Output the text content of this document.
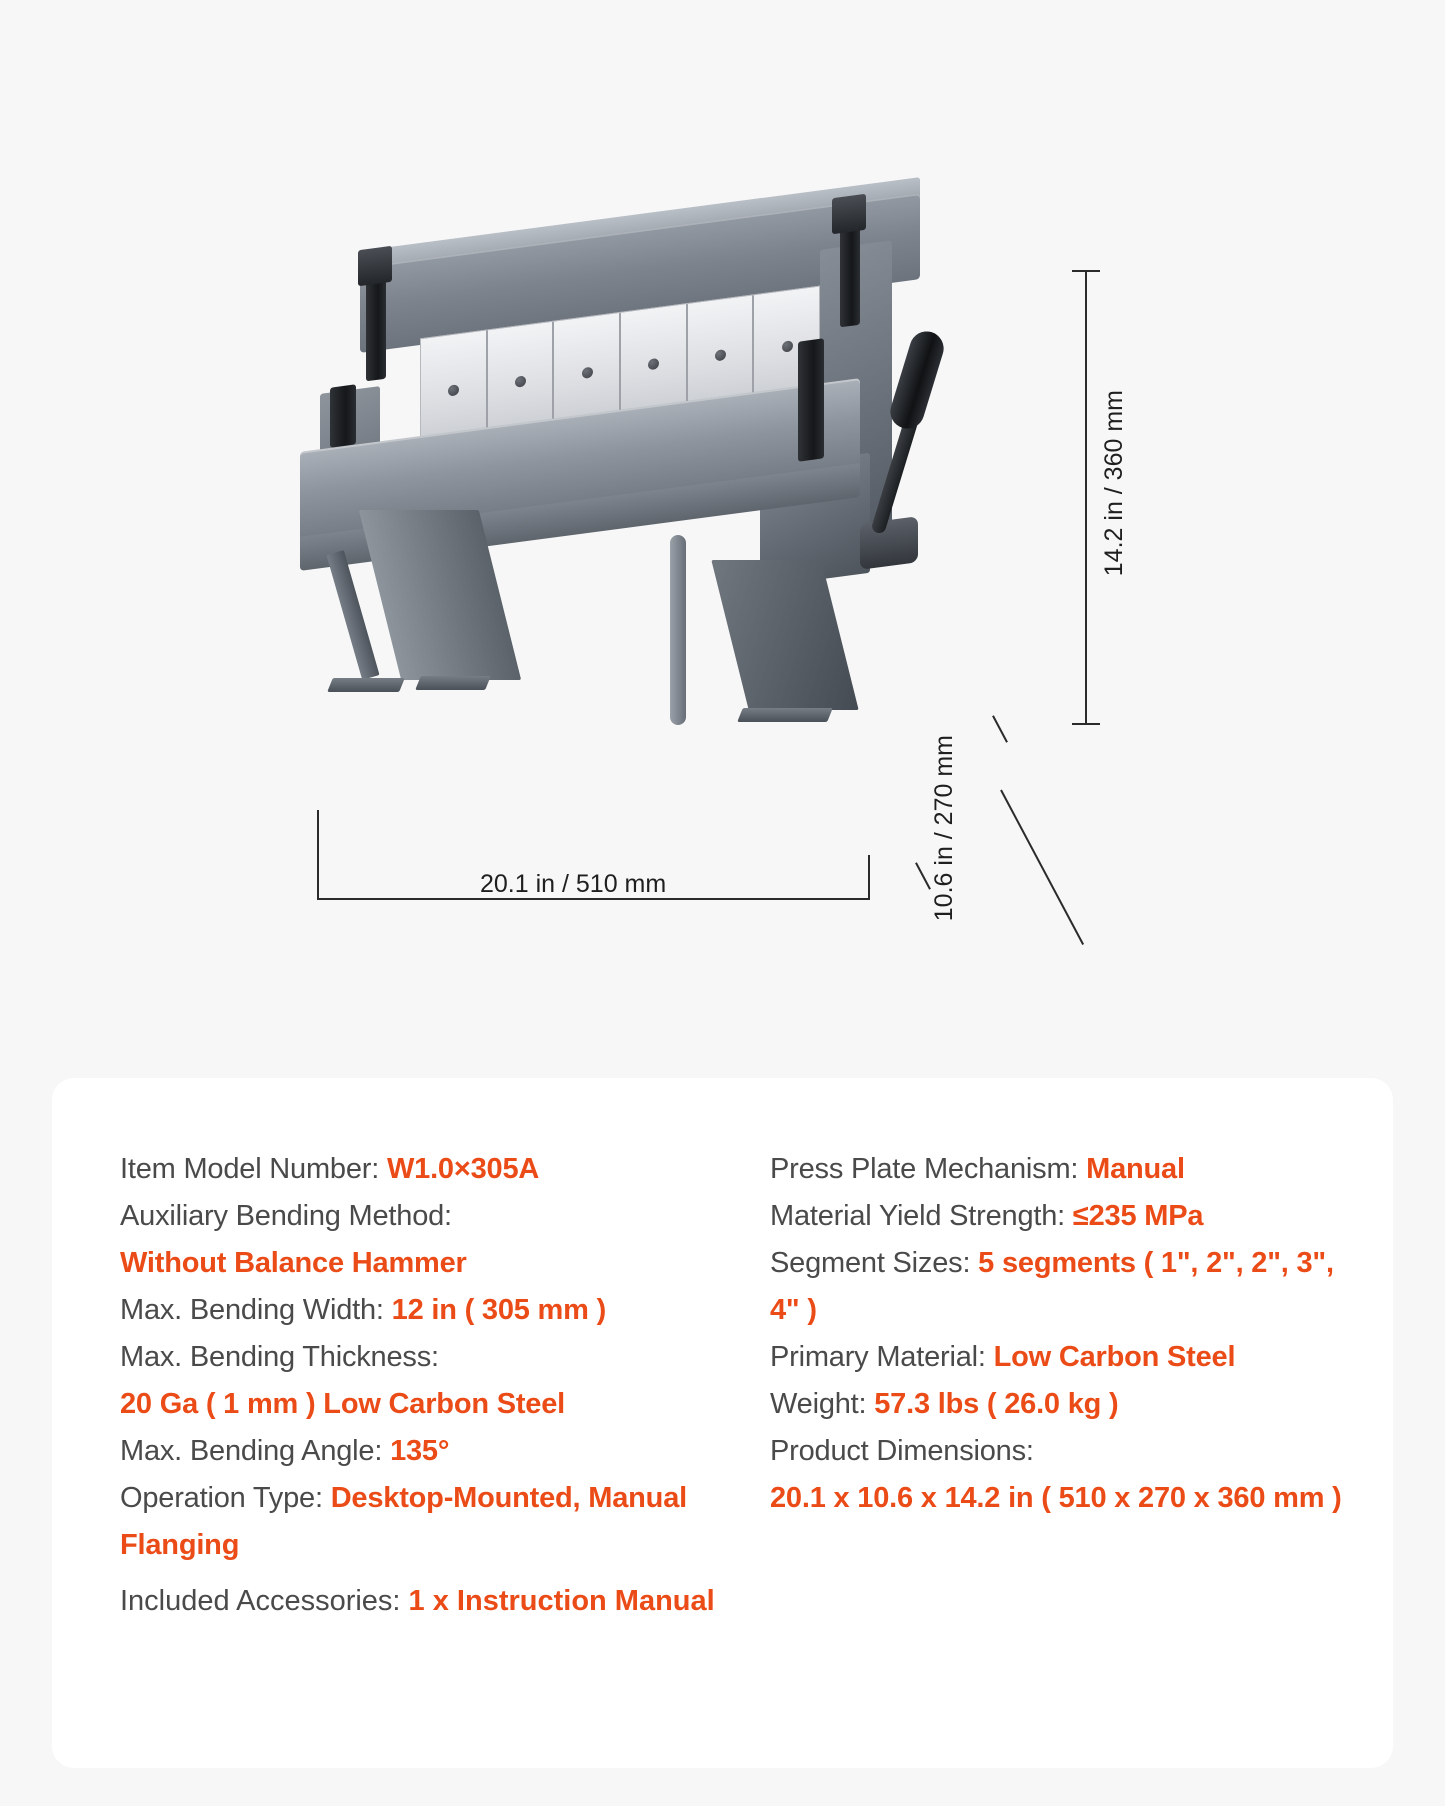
14.2 in / 360 mm
20.1 in / 510 mm	10.6 in / 270 mm
Item Model Number: W1.0×305A
Auxiliary Bending Method:
Without Balance Hammer
Max. Bending Width: 12 in ( 305 mm )
Max. Bending Thickness:
20 Ga ( 1 mm ) Low Carbon Steel
Max. Bending Angle: 135°
Operation Type: Desktop-Mounted, Manual Flanging
Press Plate Mechanism: Manual
Material Yield Strength: ≤235 MPa
Segment Sizes: 5 segments ( 1", 2", 2", 3", 4" )
Primary Material: Low Carbon Steel
Weight: 57.3 lbs ( 26.0 kg )
Product Dimensions:
20.1 x 10.6 x 14.2 in ( 510 x 270 x 360 mm )
Included Accessories: 1 x Instruction Manual
